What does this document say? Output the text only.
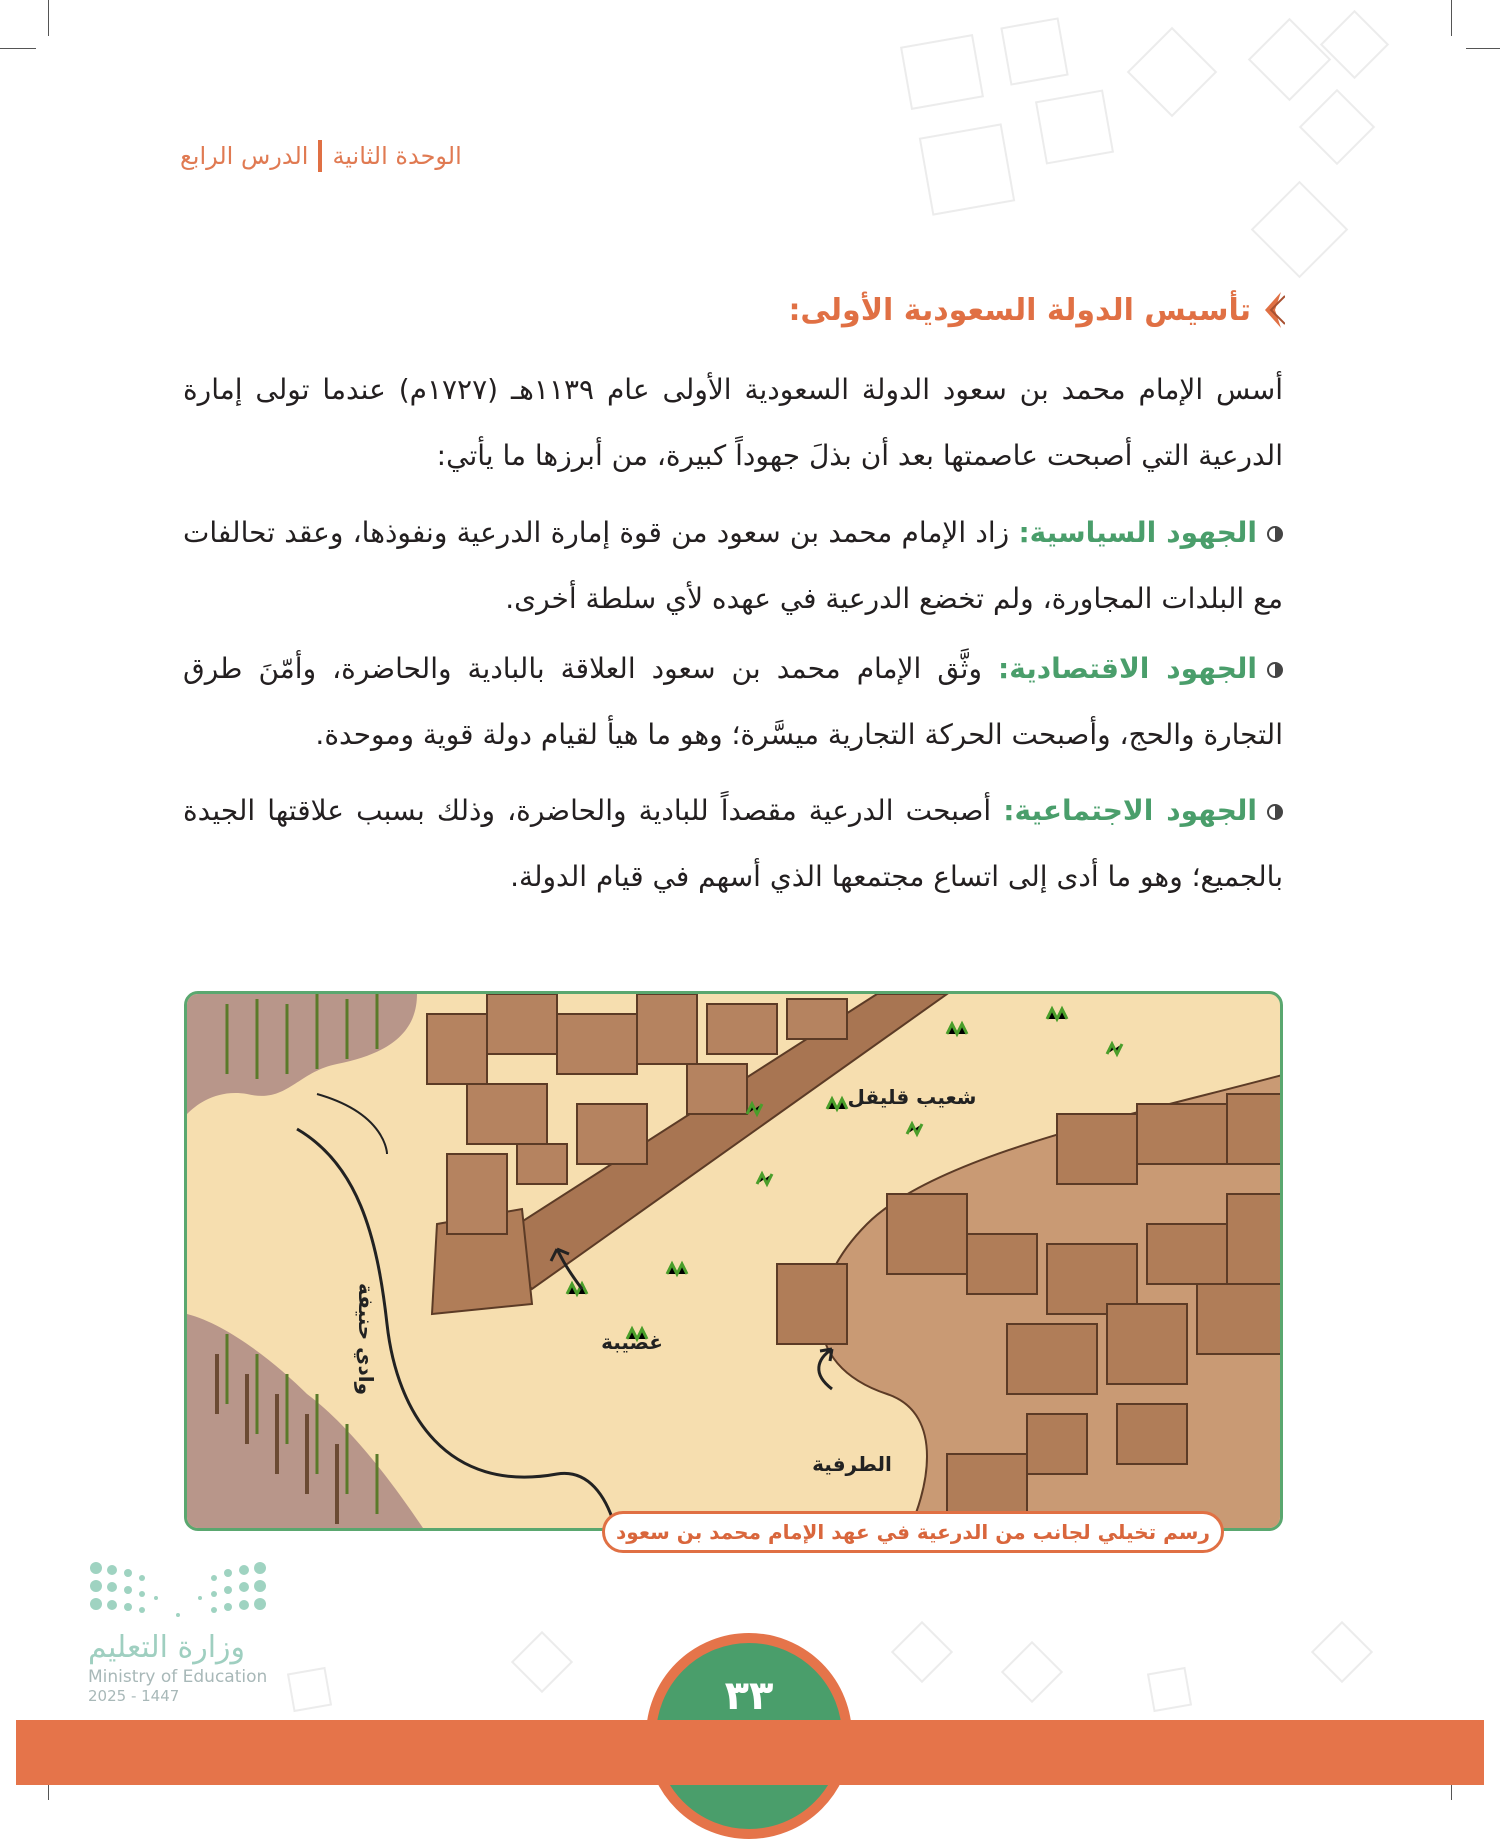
الوحدة الثانية
الدرس الرابع
تأسيس الدولة السعودية الأولى:
أسس الإمام محمد بن سعود الدولة السعودية الأولى عام ١١٣٩هـ (١٧٢٧م) عندما تولى إمارة الدرعية التي أصبحت عاصمتها بعد أن بذلَ جهوداً كبيرة، من أبرزها ما يأتي:
الجهود السياسية: زاد الإمام محمد بن سعود من قوة إمارة الدرعية ونفوذها، وعقد تحالفات مع البلدات المجاورة، ولم تخضع الدرعية في عهده لأي سلطة أخرى.
الجهود الاقتصادية: وثَّق الإمام محمد بن سعود العلاقة بالبادية والحاضرة، وأمّنَ طرق التجارة والحج، وأصبحت الحركة التجارية ميسَّرة؛ وهو ما هيأ لقيام دولة قوية وموحدة.
الجهود الاجتماعية: أصبحت الدرعية مقصداً للبادية والحاضرة، وذلك بسبب علاقتها الجيدة بالجميع؛ وهو ما أدى إلى اتساع مجتمعها الذي أسهم في قيام الدولة.
شعيب قليقل
غصيبة
الطرفية
وادي حنيفة
رسم تخيلي لجانب من الدرعية في عهد الإمام محمد بن سعود
وزارة التعليم
Ministry of Education
2025 - 1447	٣٣
